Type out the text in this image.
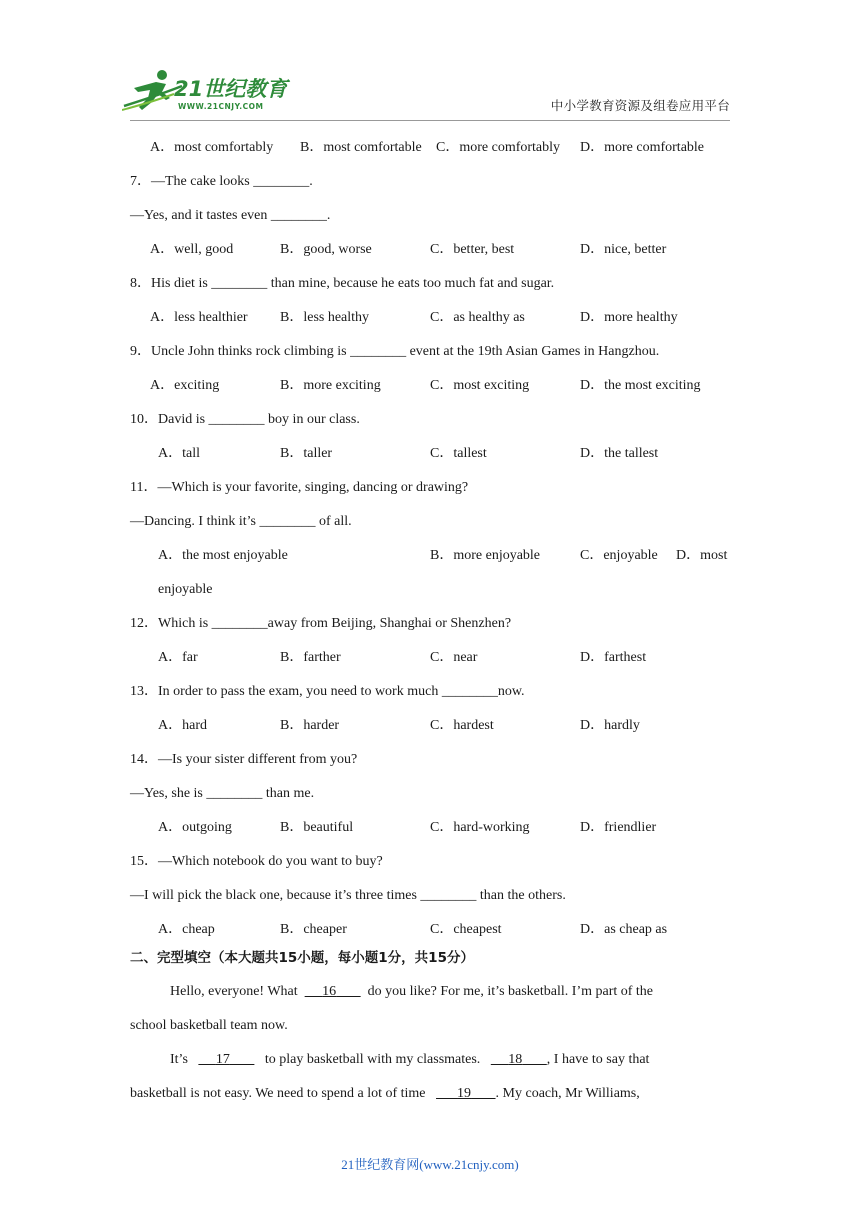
21世纪教育
WWW.21CNJY.COM	中小学教育资源及组卷应用平台
A．most comfortably B．most comfortable C．more comfortably D．more comfortable
7．—The cake looks ________.
—Yes, and it tastes even ________.
A．well, good	B．good, worse	C．better, best	D．nice, better
8．His diet is ________ than mine, because he eats too much fat and sugar.
A．less healthier B．less healthy	C．as healthy as	D．more healthy
9．Uncle John thinks rock climbing is ________ event at the 19th Asian Games in Hangzhou.
A．exciting	B．more exciting	C．most exciting	D．the most exciting
10．David is ________ boy in our class.
A．tall	B．taller	C．tallest	D．the tallest
11．—Which is your favorite, singing, dancing or drawing?
—Dancing. I think it’s ________ of all.
A．the most enjoyable	B．more enjoyable	C．enjoyable D．most
enjoyable
12．Which is ________away from Beijing, Shanghai or Shenzhen?
A．far	B．farther	C．near	D．farthest
13．In order to pass the exam, you need to work much ________now.
A．hard	B．harder	C．hardest	D．hardly
14．—Is your sister different from you?
—Yes, she is ________ than me.
A．outgoing	B．beautiful	C．hard-working	D．friendlier
15．—Which notebook do you want to buy?
—I will pick the black one, because it’s three times ________ than the others.
A．cheap	B．cheaper	C．cheapest	D．as cheap as
二、完型填空（本大题共15小题，每小题1分，共15分）
Hello, everyone! What 16 do you like? For me, it’s basketball. I’m part of the
school basketball team now.
It’s 17	to play basketball with my classmates. 18 , I have to say that
basketball is not easy. We need to spend a lot of time 19 . My coach, Mr Williams,
21世纪教育网(www.21cnjy.com)
